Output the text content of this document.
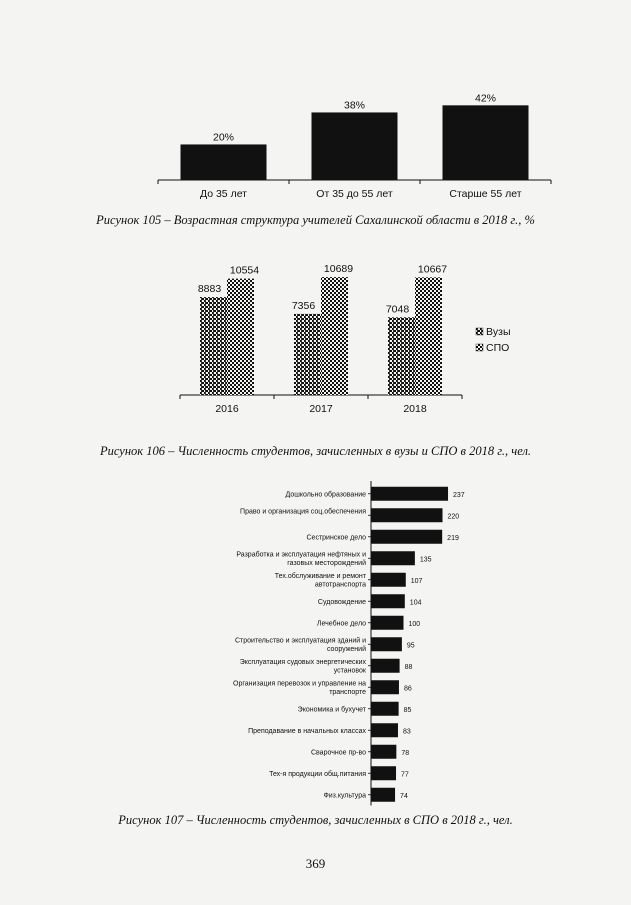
20%
До 35 лет
38%
От 35 до 55 лет
42%
Старше 55 лет
8883
10554
2016
7356
10689
2017
7048
10667
2018
Вузы
СПО
237
Дошкольно образование
220
Право и организация соц.обеспечения
219
Сестринское дело
135
Разработка и эксплуатация нефтяных и газовых месторождений
107
Тех.обслуживание и ремонт автотранспорта
104
Судовождение
100
Лечебное дело
95
Строительство и эксплуатация зданий и сооружений
88
Эксплуатация судовых энергетических установок
86
Организация перевозок и управление на транспорте
85
Экономика и бухучет
83
Преподавание в начальных классах
78
Сварочное пр-во
77
Тех-я продукции общ.питания
74
Физ.культура
Рисунок 105 – Возрастная структура учителей Сахалинской области в 2018 г., %
Рисунок 106 – Численность студентов, зачисленных в вузы и СПО в 2018 г., чел.
Рисунок 107 – Численность студентов, зачисленных в СПО в 2018 г., чел.
369
